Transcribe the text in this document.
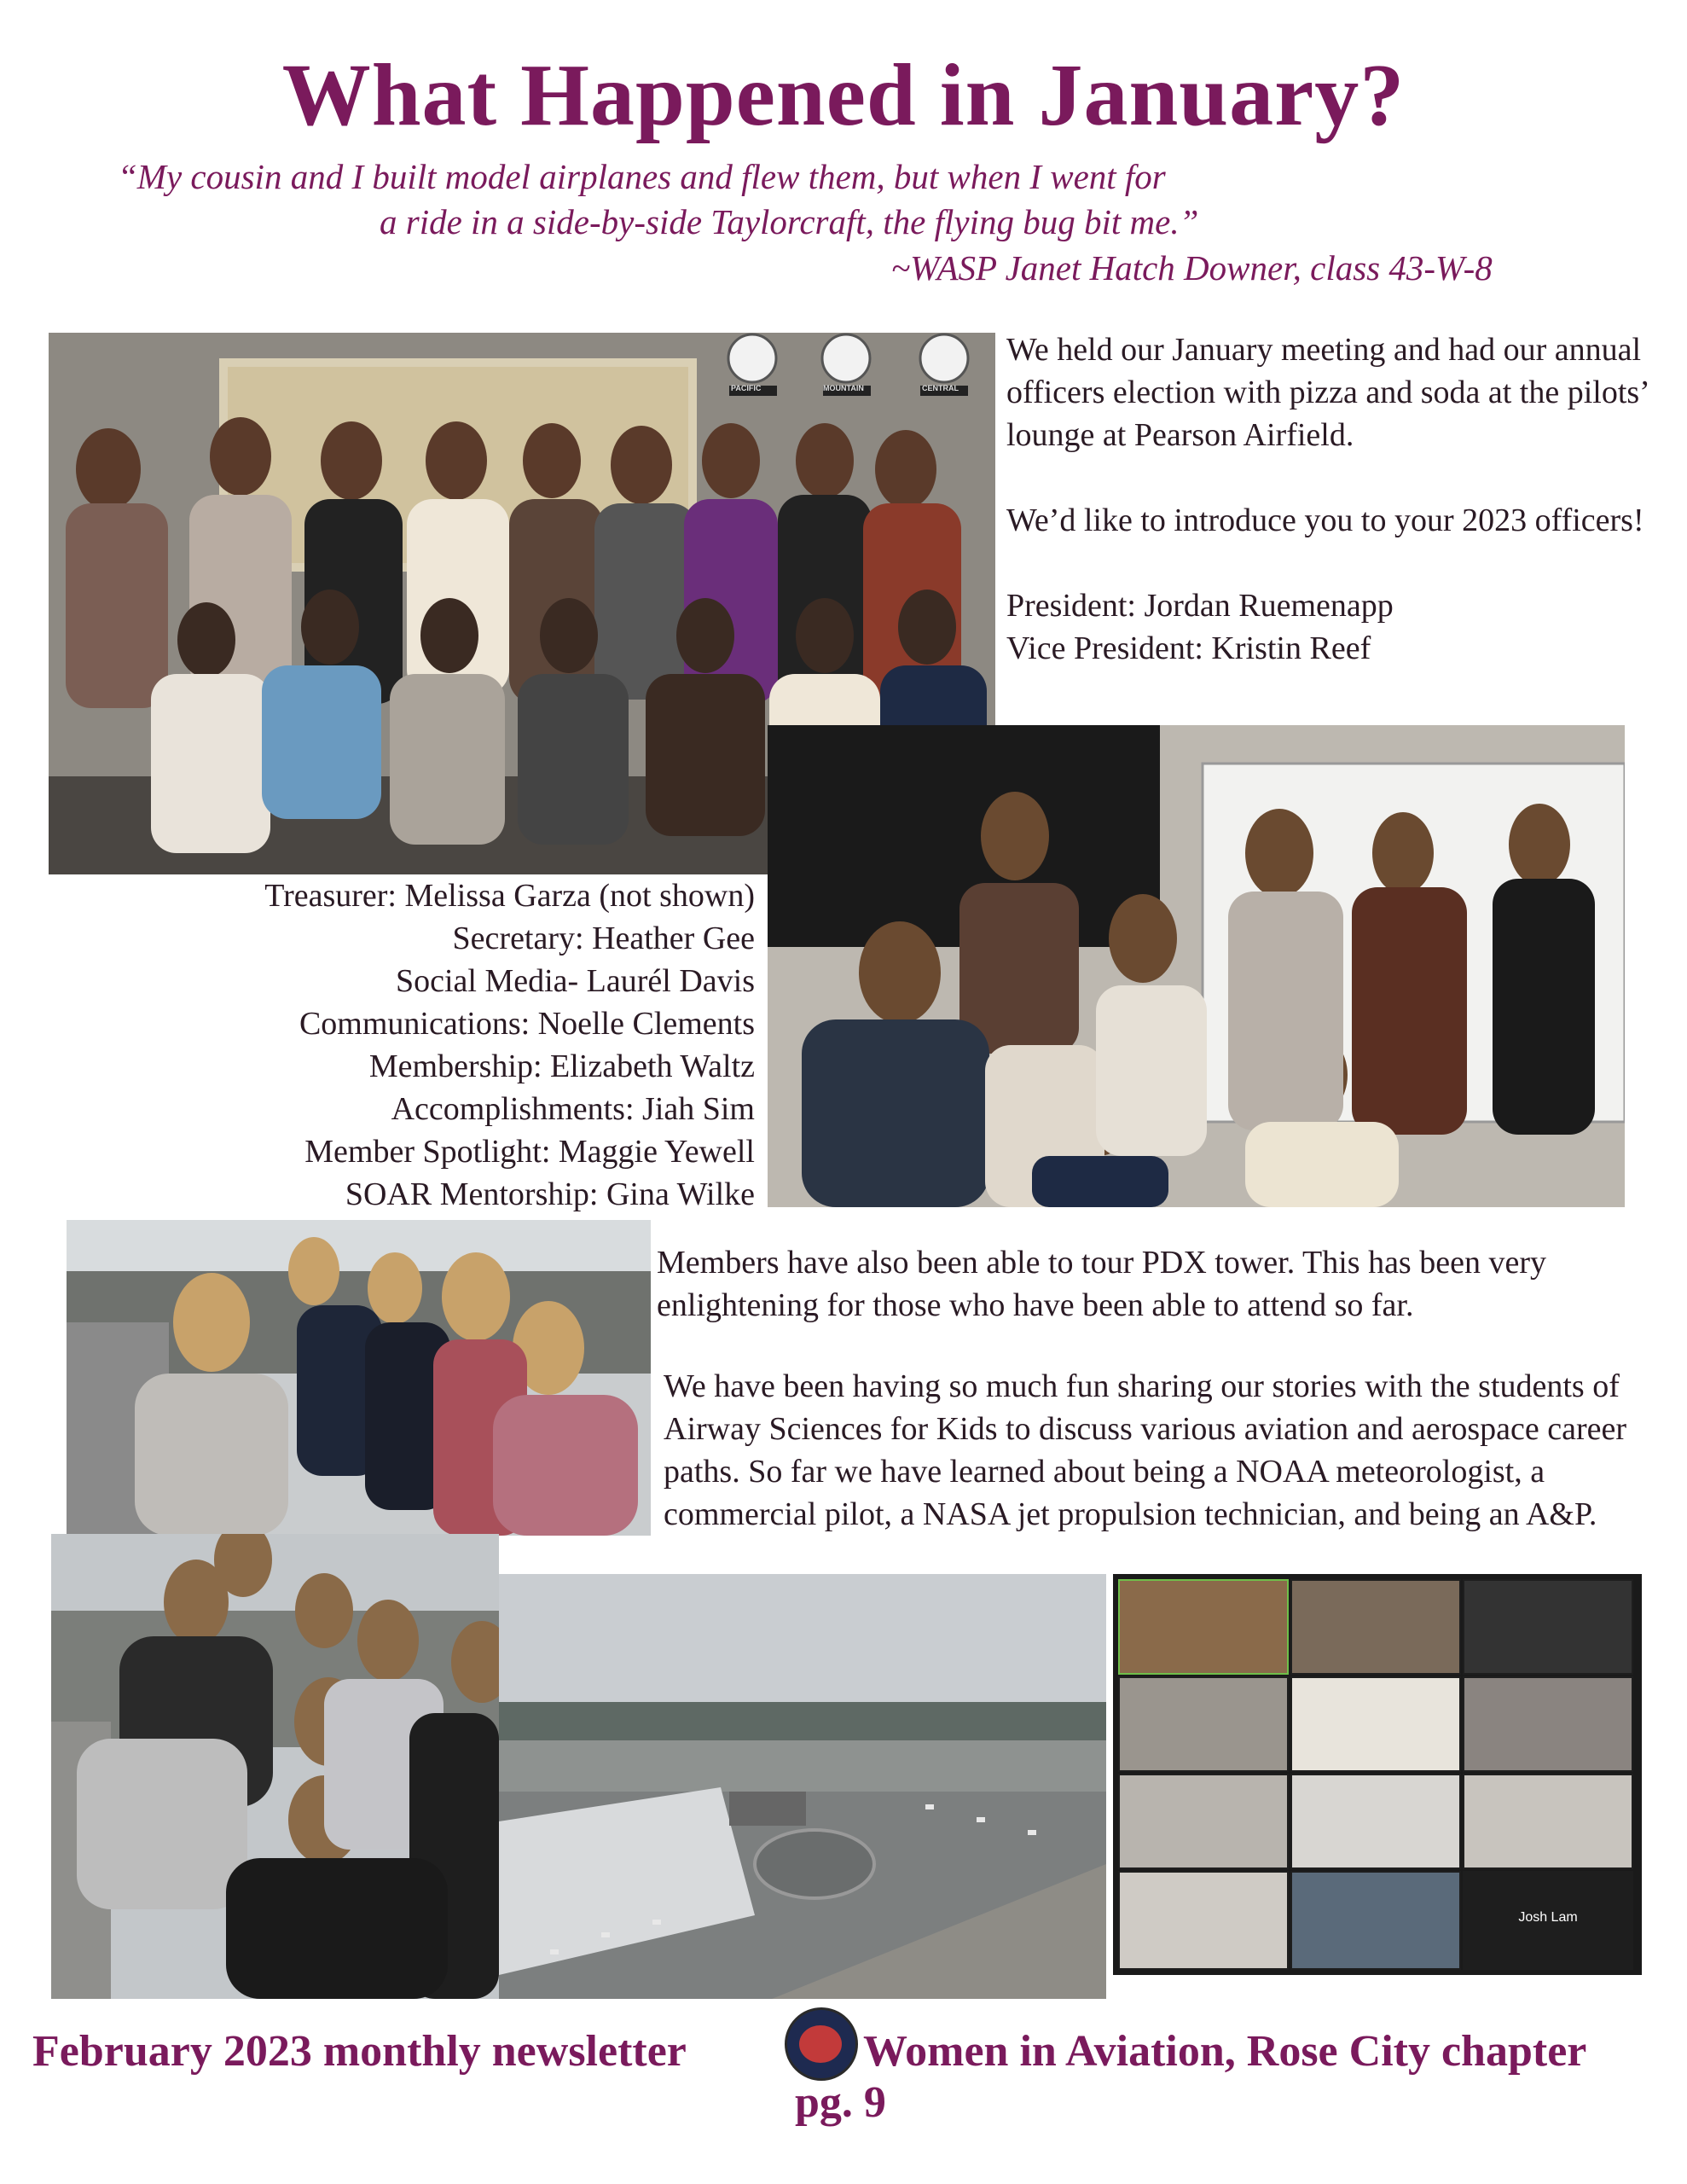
What Happened in January?
“My cousin and I built model airplanes and flew them, but when I went for
a ride in a side-by-side Taylorcraft, the flying bug bit me.”
~WASP Janet Hatch Downer, class 43-W-8
PACIFIC	MOUNTAIN	CENTRAL

We held our January meeting and had our annual officers election with pizza and soda at the pilots’ lounge at Pearson Airfield.

We’d like to introduce you to your 2023 officers!

President: Jordan Ruemenapp

Vice President: Kristin Reef

Treasurer: Melissa Garza (not shown)
Secretary: Heather Gee
Social Media- Laurél Davis
Communications: Noelle Clements
Membership: Elizabeth Waltz
Accomplishments: Jiah Sim
Member Spotlight: Maggie Yewell
SOAR Mentorship: Gina Wilke
Members have also been able to tour PDX tower. This has been very enlightening for those who have been able to attend so far.
We have been having so much fun sharing our stories with the students of Airway Sciences for Kids to discuss various aviation and aerospace career paths. So far we have learned about being a NOAA meteorologist, a commercial pilot, a NASA jet propulsion technician, and being an A&P.
Josh Lam
February 2023 monthly newsletter	Women in Aviation, Rose City chapter
pg. 9
